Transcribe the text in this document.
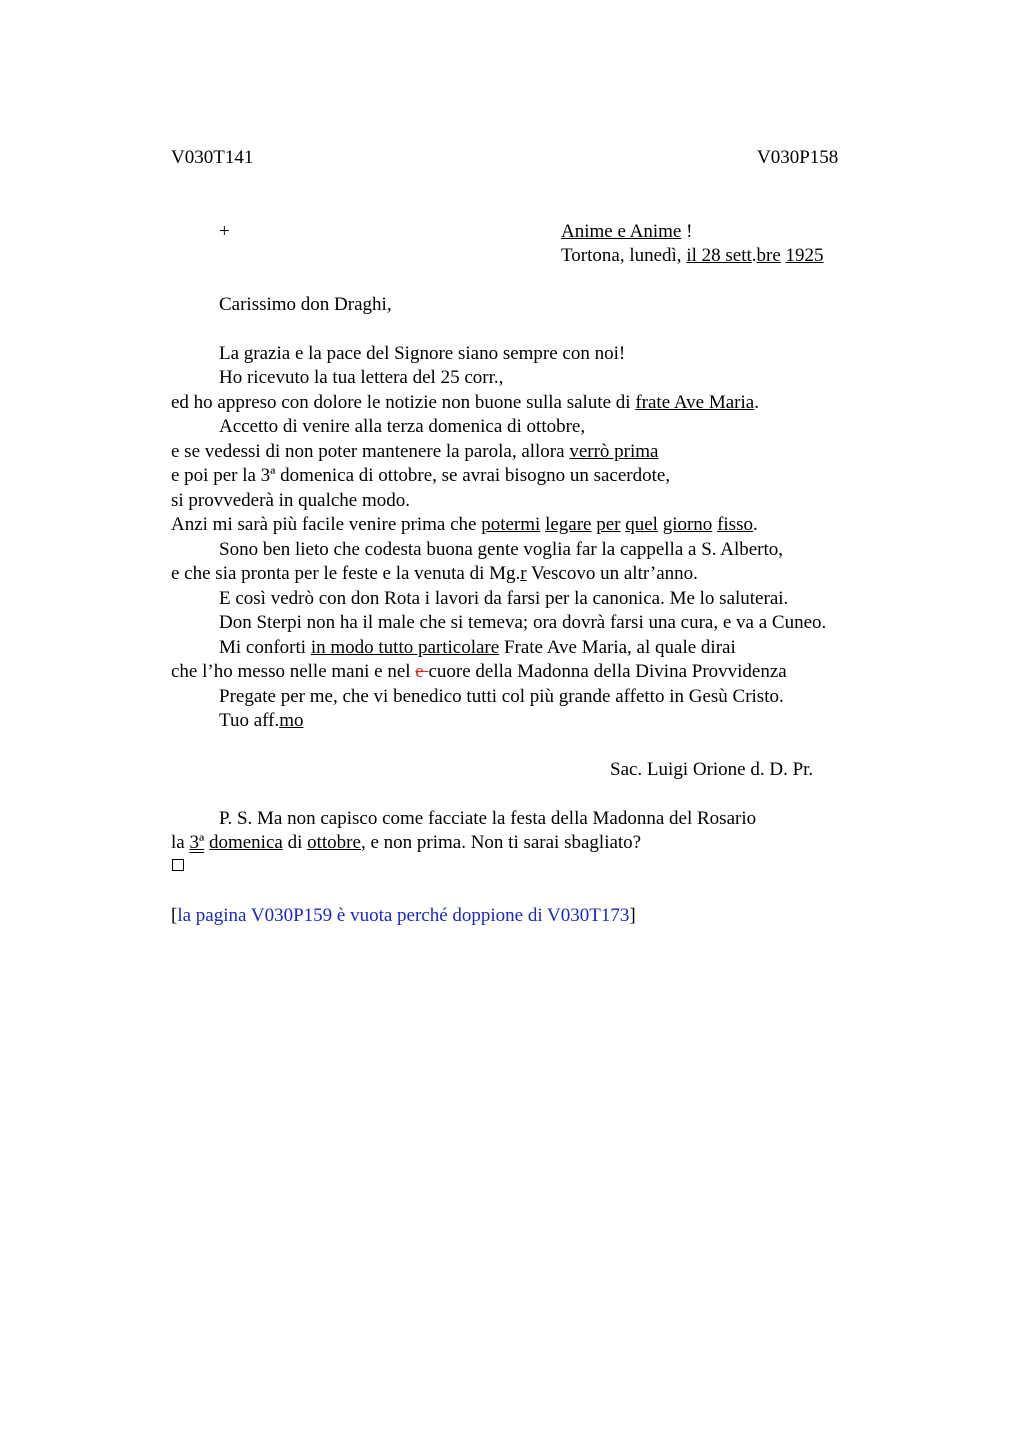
V030T141	V030P158
+	Anime e Anime !
Tortona, lunedì, il 28 sett.bre 1925
Carissimo don Draghi,
La grazia e la pace del Signore siano sempre con noi!
Ho ricevuto la tua lettera del 25 corr.,
ed ho appreso con dolore le notizie non buone sulla salute di frate Ave Maria.
Accetto di venire alla terza domenica di ottobre,
e se vedessi di non poter mantenere la parola, allora verrò prima
e poi per la 3ª domenica di ottobre, se avrai bisogno un sacerdote,
si provvederà in qualche modo.
Anzi mi sarà più facile venire prima che potermi legare per quel giorno fisso.
Sono ben lieto che codesta buona gente voglia far la cappella a S. Alberto,
e che sia pronta per le feste e la venuta di Mg.r Vescovo un altr’anno.
E così vedrò con don Rota i lavori da farsi per la canonica. Me lo saluterai.
Don Sterpi non ha il male che si temeva; ora dovrà farsi una cura, e va a Cuneo.
Mi conforti in modo tutto particolare Frate Ave Maria, al quale dirai
che l’ho messo nelle mani e nel e cuore della Madonna della Divina Provvidenza
Pregate per me, che vi benedico tutti col più grande affetto in Gesù Cristo.
Tuo aff.mo
Sac. Luigi Orione d. D. Pr.
P. S. Ma non capisco come facciate la festa della Madonna del Rosario
la 3ª domenica di ottobre, e non prima. Non ti sarai sbagliato?
[la pagina V030P159 è vuota perché doppione di V030T173]
